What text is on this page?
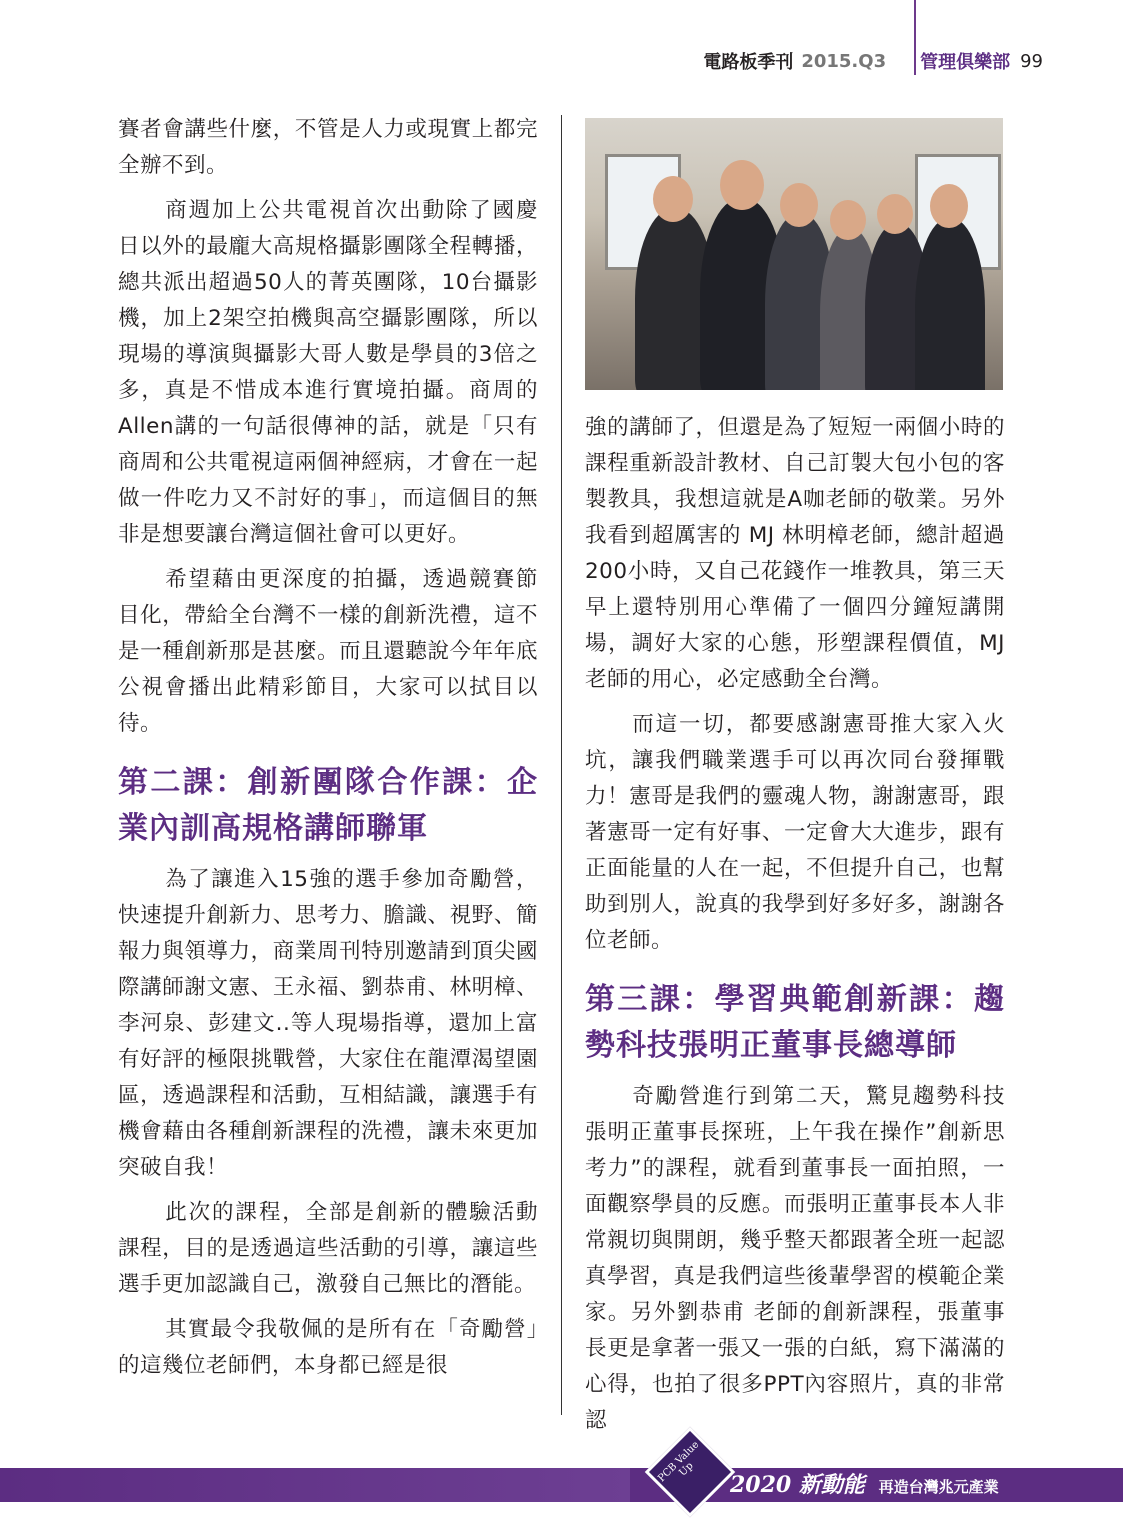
電路板季刊 2015.Q3 管理俱樂部 99

賽者會講些什麼，不管是人力或現實上都完全辦不到。

商週加上公共電視首次出動除了國慶日以外的最龐大高規格攝影團隊全程轉播，總共派出超過50人的菁英團隊，10台攝影機，加上2架空拍機與高空攝影團隊，所以現場的導演與攝影大哥人數是學員的3倍之多，真是不惜成本進行實境拍攝。商周的Allen講的一句話很傳神的話，就是「只有商周和公共電視這兩個神經病，才會在一起做一件吃力又不討好的事」，而這個目的無非是想要讓台灣這個社會可以更好。

希望藉由更深度的拍攝，透過競賽節目化，帶給全台灣不一樣的創新洗禮，這不是一種創新那是甚麼。而且還聽說今年年底公視會播出此精彩節目，大家可以拭目以待。

第二課：創新團隊合作課：企業內訓高規格講師聯軍

為了讓進入15強的選手參加奇勵營，快速提升創新力、思考力、膽識、視野、簡報力與領導力，商業周刊特別邀請到頂尖國際講師謝文憲、王永福、劉恭甫、林明樟、李河泉、彭建文..等人現場指導，還加上富有好評的極限挑戰營，大家住在龍潭渴望園區，透過課程和活動，互相結識，讓選手有機會藉由各種創新課程的洗禮，讓未來更加突破自我！

此次的課程，全部是創新的體驗活動課程，目的是透過這些活動的引導，讓這些選手更加認識自己，激發自己無比的潛能。

其實最令我敬佩的是所有在「奇勵營」的這幾位老師們，本身都已經是很

強的講師了，但還是為了短短一兩個小時的課程重新設計教材、自己訂製大包小包的客製教具，我想這就是A咖老師的敬業。另外我看到超厲害的 MJ 林明樟老師，總計超過200小時，又自己花錢作一堆教具，第三天早上還特別用心準備了一個四分鐘短講開場，調好大家的心態，形塑課程價值，MJ老師的用心，必定感動全台灣。

而這一切，都要感謝憲哥推大家入火坑，讓我們職業選手可以再次同台發揮戰力！憲哥是我們的靈魂人物，謝謝憲哥，跟著憲哥一定有好事、一定會大大進步，跟有正面能量的人在一起，不但提升自己，也幫助到別人，說真的我學到好多好多，謝謝各位老師。

第三課：學習典範創新課：趨勢科技張明正董事長總導師

奇勵營進行到第二天，驚見趨勢科技張明正董事長探班，上午我在操作”創新思考力”的課程，就看到董事長一面拍照，一面觀察學員的反應。而張明正董事長本人非常親切與開朗，幾乎整天都跟著全班一起認真學習，真是我們這些後輩學習的模範企業家。另外劉恭甫 老師的創新課程，張董事長更是拿著一張又一張的白紙，寫下滿滿的心得，也拍了很多PPT內容照片，真的非常認

PCB Value Up
2020 新動能 再造台灣兆元產業
